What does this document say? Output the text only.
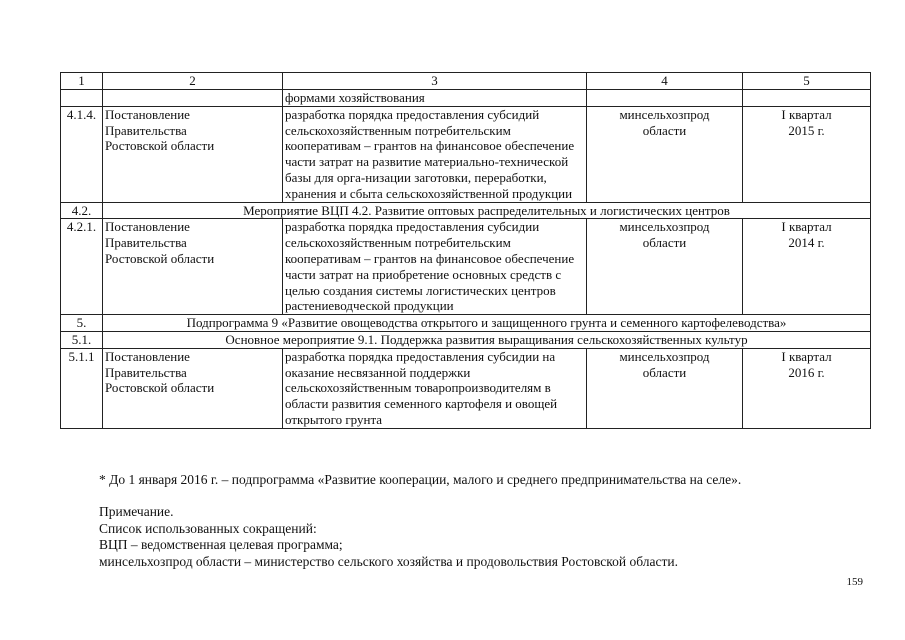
1	2	3	4	5
		формами хозяйствования		
4.1.4.	Постановление Правительства Ростовской области	разработка порядка предоставления субсидий сельскохозяйственным потребительским кооперативам – грантов на финансовое обеспечение части затрат на развитие материально-технической базы для орга-низации заготовки, переработки, хранения и сбыта сельскохозяйственной продукции	минсельхозпрод области	I квартал 2015 г.

4.2.	Мероприятие ВЦП 4.2. Развитие оптовых распределительных и логистических центров			
4.2.1.	Постановление Правительства Ростовской области	разработка порядка предоставления субсидии сельскохозяйственным потребительским кооперативам – грантов на финансовое обеспечение части затрат на приобретение основных средств с целью создания системы логистических центров растениеводческой продукции	минсельхозпрод области	I квартал 2014 г.

5.	Подпрограмма 9 «Развитие овощеводства открытого и защищенного грунта и семенного картофелеводства»			
5.1.	Основное мероприятие 9.1. Поддержка развития выращивания сельскохозяйственных культур			
5.1.1	Постановление Правительства Ростовской области	разработка порядка предоставления субсидии на оказание несвязанной поддержки сельскохозяйственным товаропроизводителям в области развития семенного картофеля и овощей открытого грунта	минсельхозпрод области	I квартал 2016 г.
* До 1 января 2016 г. – подпрограмма «Развитие кооперации, малого и среднего предпринимательства на селе».
Примечание.
Список использованных сокращений:
ВЦП – ведомственная целевая программа;
минсельхозпрод области – министерство сельского хозяйства и продовольствия Ростовской области.
159
